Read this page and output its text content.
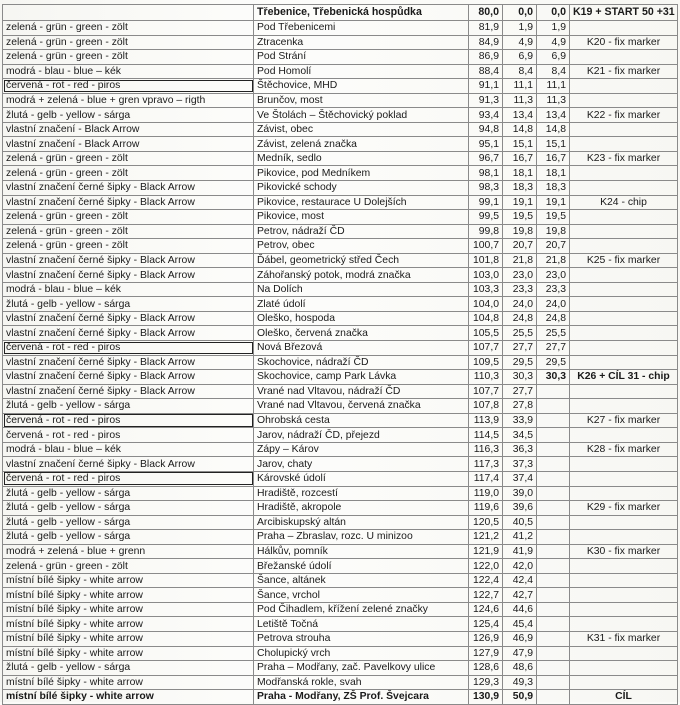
	Třebenice, Třebenická hospůdka	80,0	0,0	0,0	K19 + START 50 +31
zelená - grün - green - zölt	Pod Třebenicemi	81,9	1,9	1,9	
zelená - grün - green - zölt	Ztracenka	84,9	4,9	4,9	K20 - fix marker
zelená - grün - green - zölt	Pod Strání	86,9	6,9	6,9	
modrá - blau - blue – kék	Pod Homolí	88,4	8,4	8,4	K21 - fix marker
červená - rot - red - piros	Štěchovice, MHD	91,1	11,1	11,1	
modrá + zelená - blue + gren vpravo – rigth	Brunčov, most	91,3	11,3	11,3	
žlutá - gelb - yellow - sárga	Ve Štolách – Štěchovický poklad	93,4	13,4	13,4	K22 - fix marker
vlastní značení - Black Arrow	Závist, obec	94,8	14,8	14,8	
vlastní značení - Black Arrow	Závist, zelená značka	95,1	15,1	15,1	
zelená - grün - green - zölt	Medník, sedlo	96,7	16,7	16,7	K23 - fix marker
zelená - grün - green - zölt	Pikovice, pod Medníkem	98,1	18,1	18,1	
vlastní značení černé šipky - Black Arrow	Pikovické schody	98,3	18,3	18,3	
vlastní značení černé šipky - Black Arrow	Pikovice, restaurace U Dolejších	99,1	19,1	19,1	K24 - chip
zelená - grün - green - zölt	Pikovice, most	99,5	19,5	19,5	
zelená - grün - green - zölt	Petrov, nádraží ČD	99,8	19,8	19,8	
zelená - grün - green - zölt	Petrov, obec	100,7	20,7	20,7	
vlastní značení černé šipky - Black Arrow	Ďábel, geometrický střed Čech	101,8	21,8	21,8	K25 - fix marker
vlastní značení černé šipky - Black Arrow	Záhořanský potok, modrá značka	103,0	23,0	23,0	
modrá - blau - blue – kék	Na Dolích	103,3	23,3	23,3	
žlutá - gelb - yellow - sárga	Zlaté údolí	104,0	24,0	24,0	
vlastní značení černé šipky - Black Arrow	Oleško, hospoda	104,8	24,8	24,8	
vlastní značení černé šipky - Black Arrow	Oleško, červená značka	105,5	25,5	25,5	
červená - rot - red - piros	Nová Březová	107,7	27,7	27,7	
vlastní značení černé šipky - Black Arrow	Skochovice, nádraží ČD	109,5	29,5	29,5	
vlastní značení černé šipky - Black Arrow	Skochovice, camp Park Lávka	110,3	30,3	30,3	K26 + CÍL 31 - chip
vlastní značení černé šipky - Black Arrow	Vrané nad Vltavou, nádraží ČD	107,7	27,7		
žlutá - gelb - yellow - sárga	Vrané nad Vltavou, červená značka	107,8	27,8		
červená - rot - red - piros	Ohrobská cesta	113,9	33,9		K27 - fix marker
červená - rot - red - piros	Jarov, nádraží ČD, přejezd	114,5	34,5		
modrá - blau - blue – kék	Zápy – Károv	116,3	36,3		K28 - fix marker
vlastní značení černé šipky - Black Arrow	Jarov, chaty	117,3	37,3		
červená - rot - red - piros	Károvské údolí	117,4	37,4		
žlutá - gelb - yellow - sárga	Hradiště, rozcestí	119,0	39,0		
žlutá - gelb - yellow - sárga	Hradiště, akropole	119,6	39,6		K29 - fix marker
žlutá - gelb - yellow - sárga	Arcibiskupský altán	120,5	40,5		
žlutá - gelb - yellow - sárga	Praha – Zbraslav, rozc. U minizoo	121,2	41,2		
modrá + zelená - blue + grenn	Hálkův, pomník	121,9	41,9		K30 - fix marker
zelená - grün - green - zölt	Břežanské údolí	122,0	42,0		
místní bílé šipky - white arrow	Šance, altánek	122,4	42,4		
místní bílé šipky - white arrow	Šance, vrchol	122,7	42,7		
místní bílé šipky - white arrow	Pod Čihadlem, křížení zelené značky	124,6	44,6		
místní bílé šipky - white arrow	Letiště Točná	125,4	45,4		
místní bílé šipky - white arrow	Petrova strouha	126,9	46,9		K31 - fix marker
místní bílé šipky - white arrow	Cholupický vrch	127,9	47,9		
žlutá - gelb - yellow - sárga	Praha – Modřany, zač. Pavelkovy ulice	128,6	48,6		
místní bílé šipky - white arrow	Modřanská rokle, svah	129,3	49,3		
místní bílé šipky - white arrow	Praha - Modřany, ZŠ Prof. Švejcara	130,9	50,9		CÍL
